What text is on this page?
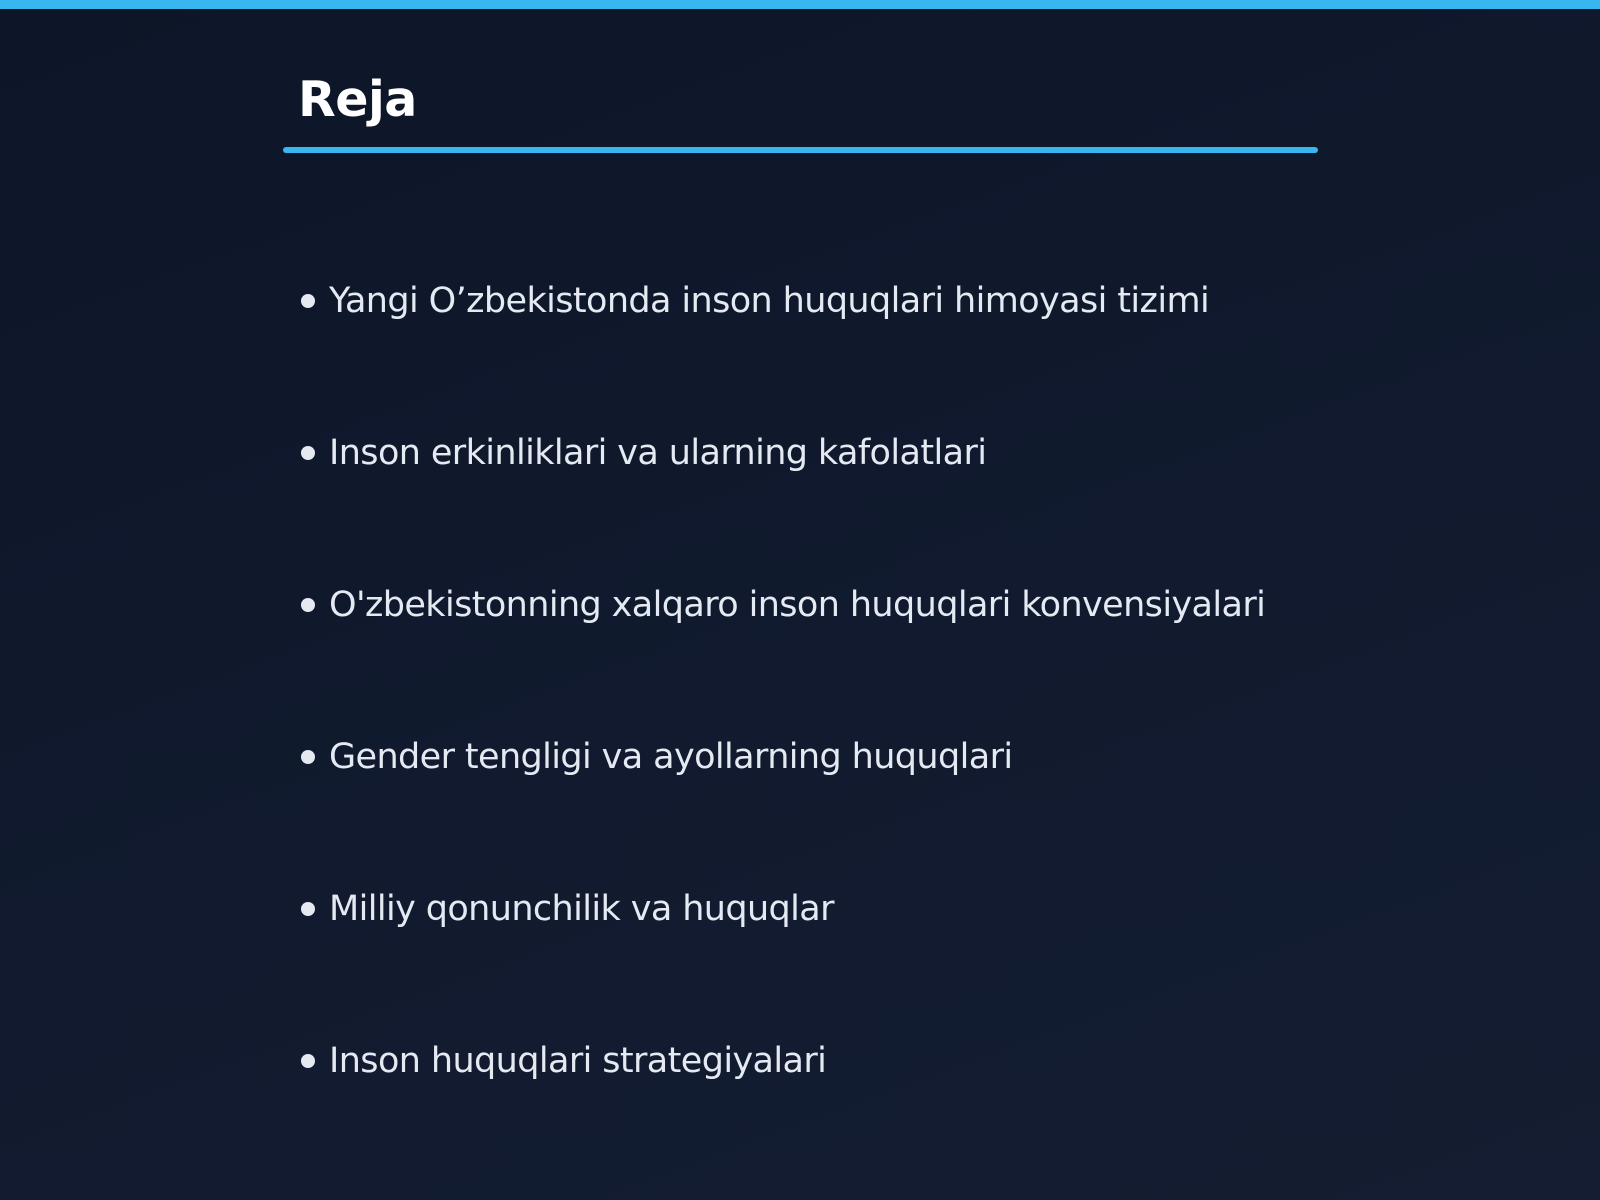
Reja
Yangi O’zbekistonda inson huquqlari himoyasi tizimi
Inson erkinliklari va ularning kafolatlari
O'zbekistonning xalqaro inson huquqlari konvensiyalari
Gender tengligi va ayollarning huquqlari
Milliy qonunchilik va huquqlar
Inson huquqlari strategiyalari
